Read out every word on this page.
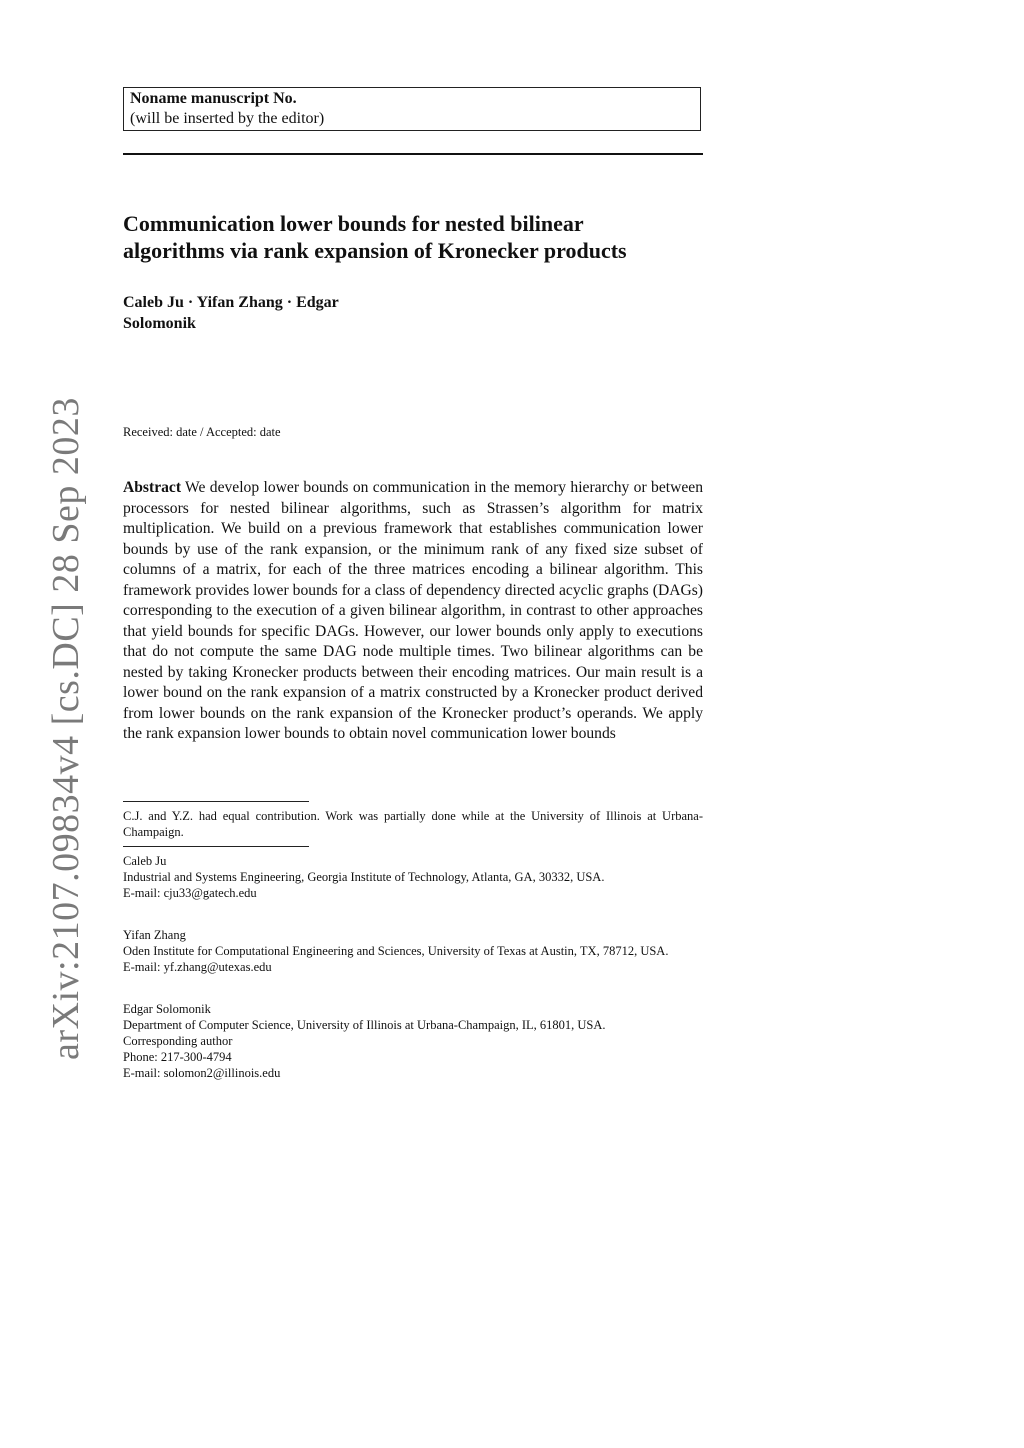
arXiv:2107.09834v4 [cs.DC] 28 Sep 2023
Noname manuscript No.
(will be inserted by the editor)
Communication lower bounds for nested bilinear
algorithms via rank expansion of Kronecker products
Caleb Ju · Yifan Zhang · Edgar
Solomonik
Received: date / Accepted: date

Abstract We develop lower bounds on communication in the memory hierarchy or between processors for nested bilinear algorithms, such as Strassen’s algorithm for matrix multiplication. We build on a previous framework that establishes communication lower bounds by use of the rank expansion, or the minimum rank of any fixed size subset of columns of a matrix, for each of the three matrices encoding a bilinear algorithm. This framework provides lower bounds for a class of dependency directed acyclic graphs (DAGs) corresponding to the execution of a given bilinear algorithm, in contrast to other approaches that yield bounds for specific DAGs. However, our lower bounds only apply to executions that do not compute the same DAG node multiple times. Two bilinear algorithms can be nested by taking Kronecker products between their encoding matrices. Our main result is a lower bound on the rank expansion of a matrix constructed by a Kronecker product derived from lower bounds on the rank expansion of the Kronecker product’s operands. We apply the rank expansion lower bounds to obtain novel communication lower bounds

C.J. and Y.Z. had equal contribution. Work was partially done while at the University of Illinois at Urbana-Champaign.
Caleb Ju
Industrial and Systems Engineering, Georgia Institute of Technology, Atlanta, GA, 30332, USA.
E-mail: cju33@gatech.edu
Yifan Zhang
Oden Institute for Computational Engineering and Sciences, University of Texas at Austin, TX, 78712, USA.
E-mail: yf.zhang@utexas.edu
Edgar Solomonik
Department of Computer Science, University of Illinois at Urbana-Champaign, IL, 61801, USA.
Corresponding author
Phone: 217-300-4794
E-mail: solomon2@illinois.edu
